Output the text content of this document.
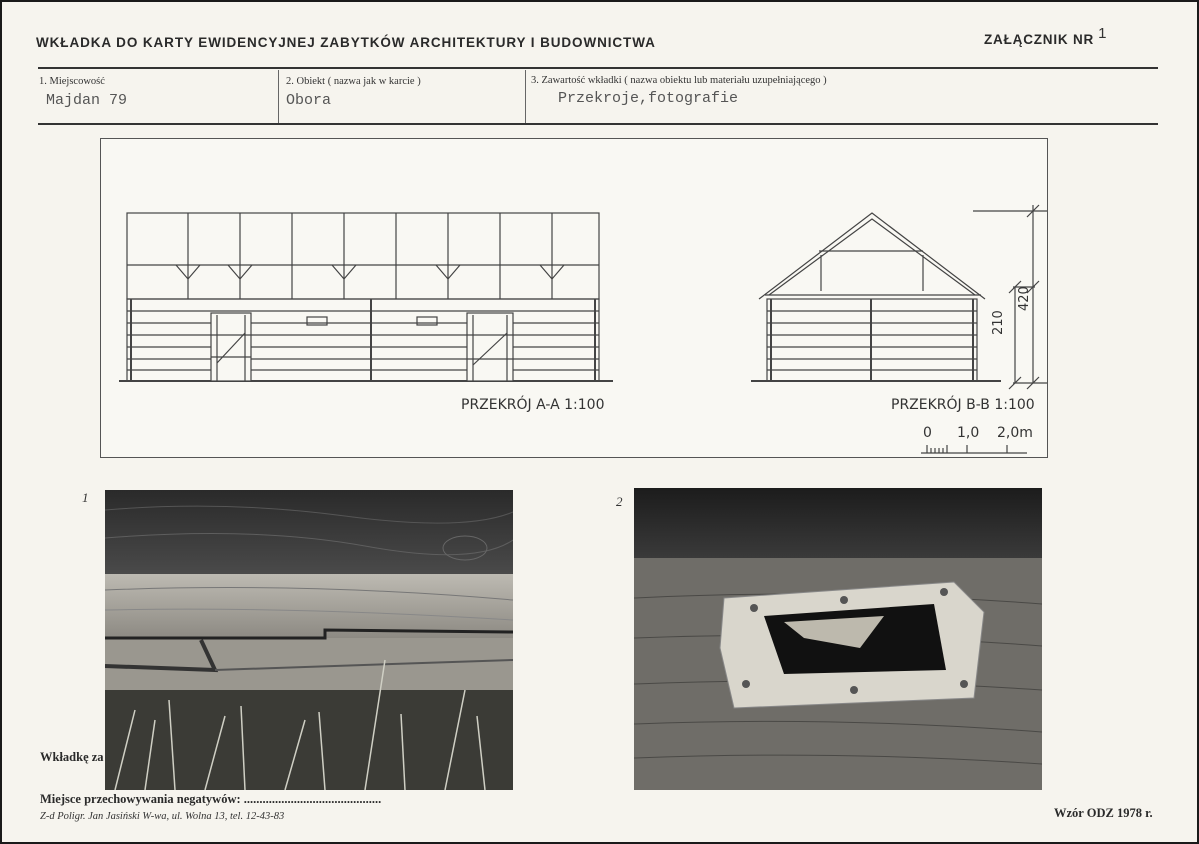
WKŁADKA DO KARTY EWIDENCYJNEJ ZABYTKÓW ARCHITEKTURY I BUDOWNICTWA	ZAŁĄCZNIK NR 1
1. Miejscowość
Majdan 79
2. Obiekt ( nazwa jak w karcie )
Obora
3. Zawartość wkładki ( nazwa obiektu lub materiału uzupełniającego )
Przekroje,fotografie
PRZEKRÓJ A-A 1:100	PRZEKRÓJ B-B 1:100
210
420
0 1,0 2,0m
1	2
Wkładkę za
Miejsce przechowywania negatywów: ............................................
Z-d Poligr. Jan Jasiński W-wa, ul. Wolna 13, tel. 12-43-83	Wzór ODZ 1978 r.
